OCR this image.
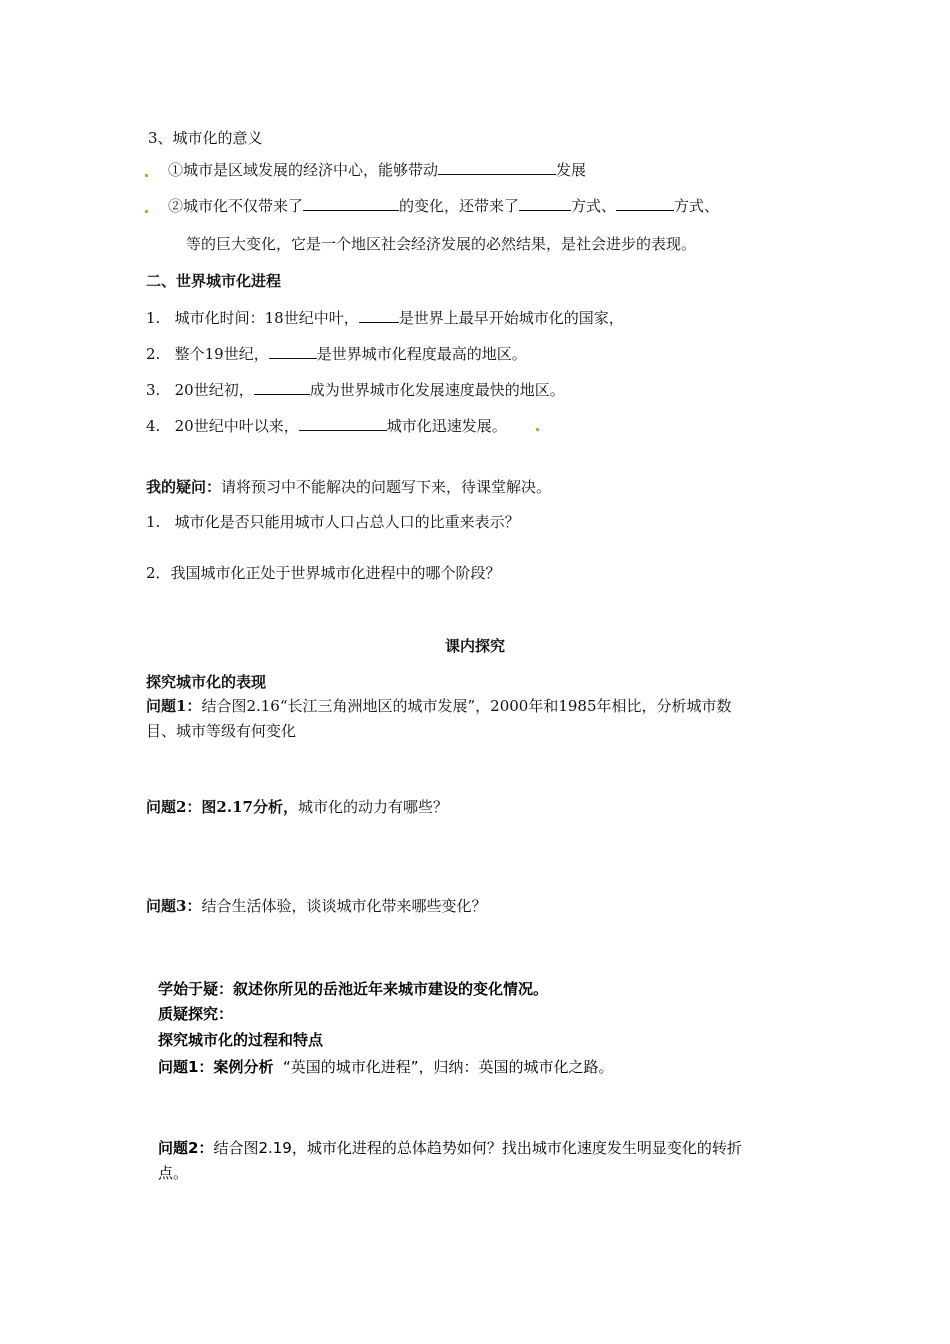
3、城市化的意义
①城市是区域发展的经济中心，能够带动	发展
②城市化不仅带来了	的变化，还带来了	方式、	方式、
等的巨大变化，它是一个地区社会经济发展的必然结果，是社会进步的表现。
二、世界城市化进程
1. 城市化时间：18世纪中叶，	是世界上最早开始城市化的国家，
2. 整个19世纪，	是世界城市化程度最高的地区。
3. 20世纪初，	成为世界城市化发展速度最快的地区。
4. 20世纪中叶以来，	城市化迅速发展。
我的疑问：请将预习中不能解决的问题写下来，待课堂解决。
1. 城市化是否只能用城市人口占总人口的比重来表示？
2．我国城市化正处于世界城市化进程中的哪个阶段？
课内探究
探究城市化的表现
问题1：结合图2.16“长江三角洲地区的城市发展”，2000年和1985年相比，分析城市数
目、城市等级有何变化
问题2：图2.17分析，城市化的动力有哪些？
问题3：结合生活体验，谈谈城市化带来哪些变化？
学始于疑：叙述你所见的岳池近年来城市建设的变化情况。
质疑探究：
探究城市化的过程和特点
问题1：案例分析 “英国的城市化进程”，归纳：英国的城市化之路。
问题2：结合图2.19，城市化进程的总体趋势如何？找出城市化速度发生明显变化的转折
点。
